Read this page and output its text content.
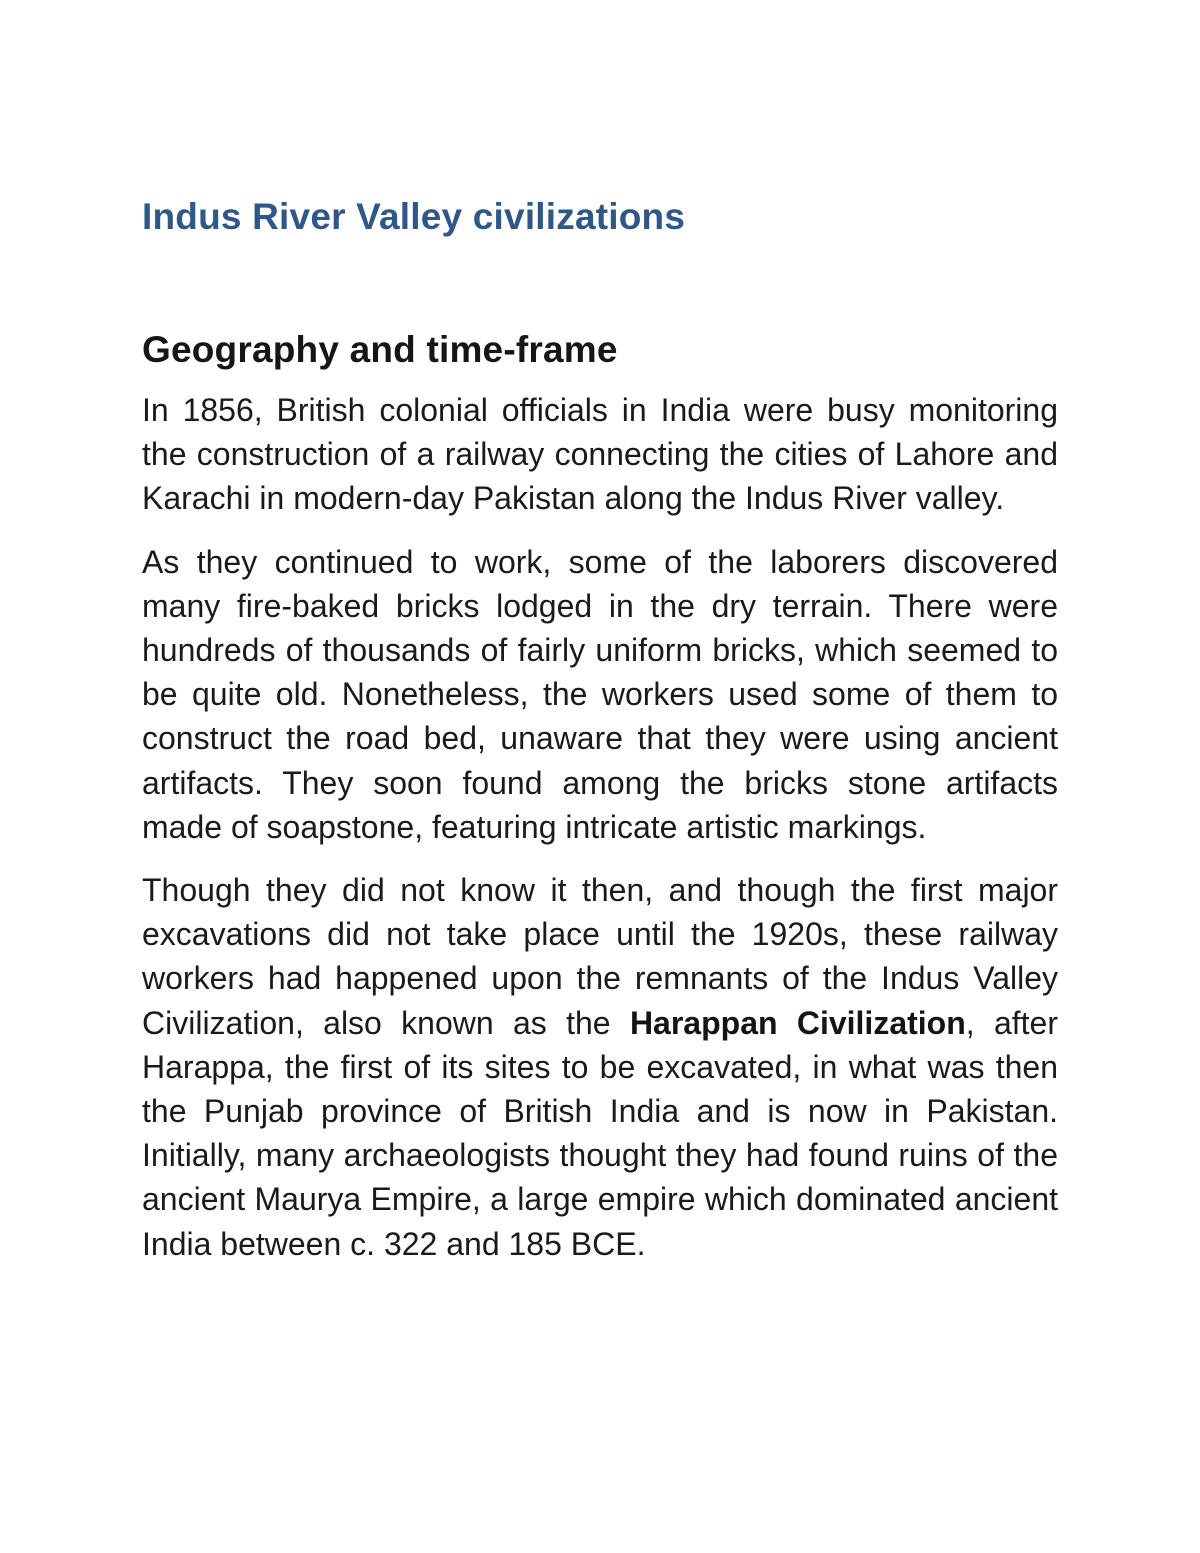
Indus River Valley civilizations
Geography and time-frame

In 1856, British colonial officials in India were busy monitoring the construction of a railway connecting the cities of Lahore and Karachi in modern-day Pakistan along the Indus River valley.

As they continued to work, some of the laborers discovered many fire-baked bricks lodged in the dry terrain. There were hundreds of thousands of fairly uniform bricks, which seemed to be quite old. Nonetheless, the workers used some of them to construct the road bed, unaware that they were using ancient artifacts. They soon found among the bricks stone artifacts made of soapstone, featuring intricate artistic markings.

Though they did not know it then, and though the first major excavations did not take place until the 1920s, these railway workers had happened upon the remnants of the Indus Valley Civilization, also known as the Harappan Civilization, after Harappa, the first of its sites to be excavated, in what was then the Punjab province of British India and is now in Pakistan. Initially, many archaeologists thought they had found ruins of the ancient Maurya Empire, a large empire which dominated ancient India between c. 322 and 185 BCE.
